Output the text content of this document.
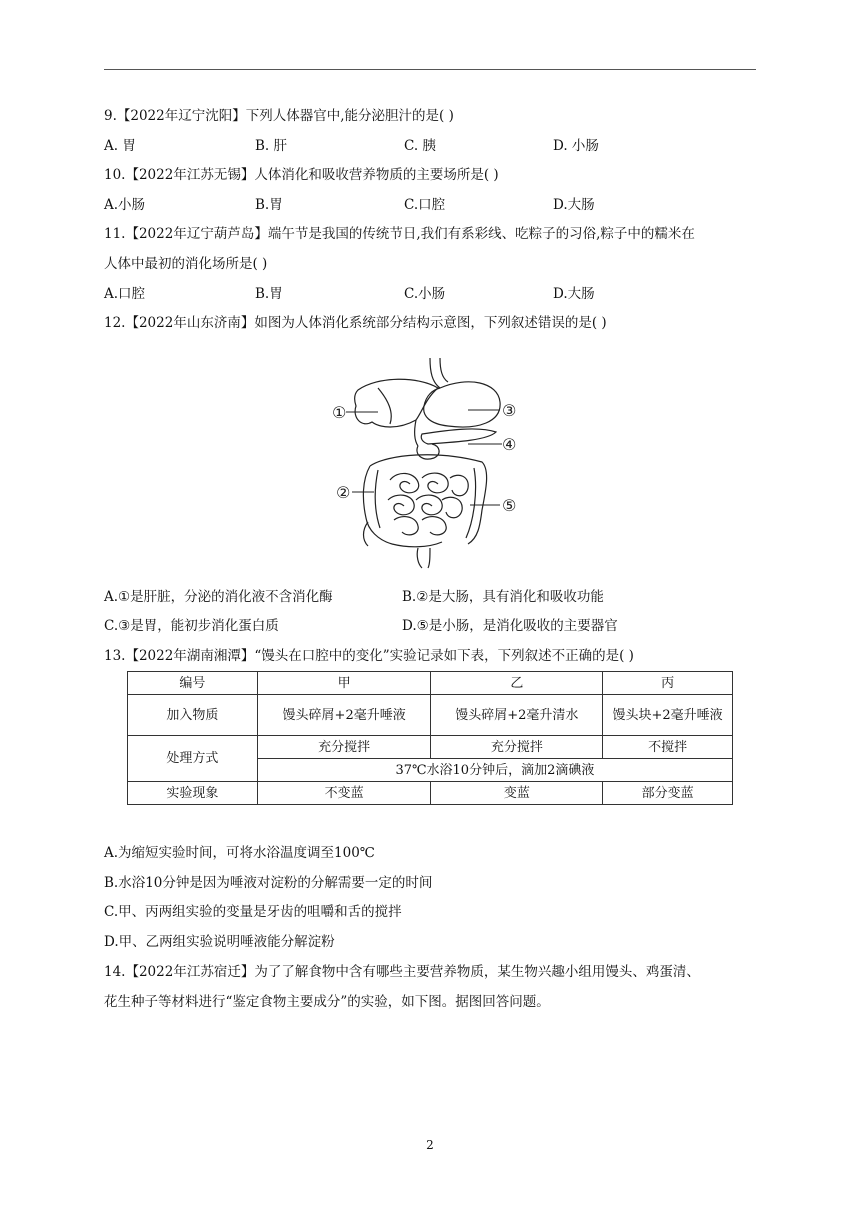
9.【2022年辽宁沈阳】下列人体器官中,能分泌胆汁的是( )
A. 胃	B. 肝	C. 胰	D. 小肠
10.【2022年江苏无锡】人体消化和吸收营养物质的主要场所是( )
A.小肠	B.胃	C.口腔	D.大肠
11.【2022年辽宁葫芦岛】端午节是我国的传统节日,我们有系彩线、吃粽子的习俗,粽子中的糯米在
人体中最初的消化场所是( )
A.口腔	B.胃	C.小肠	D.大肠
12.【2022年山东济南】如图为人体消化系统部分结构示意图，下列叙述错误的是( )
①
②
③
④
⑤
A.①是肝脏，分泌的消化液不含消化酶	B.②是大肠，具有消化和吸收功能
C.③是胃，能初步消化蛋白质	D.⑤是小肠，是消化吸收的主要器官
13.【2022年湖南湘潭】“馒头在口腔中的变化”实验记录如下表，下列叙述不正确的是( )
编号	甲	乙	丙
加入物质	馒头碎屑+2毫升唾液	馒头碎屑+2毫升清水	馒头块+2毫升唾液
处理方式	充分搅拌	充分搅拌	不搅拌
	37℃水浴10分钟后，滴加2滴碘液		
实验现象	不变蓝	变蓝	部分变蓝
A.为缩短实验时间，可将水浴温度调至100℃
B.水浴10分钟是因为唾液对淀粉的分解需要一定的时间
C.甲、丙两组实验的变量是牙齿的咀嚼和舌的搅拌
D.甲、乙两组实验说明唾液能分解淀粉
14.【2022年江苏宿迁】为了了解食物中含有哪些主要营养物质，某生物兴趣小组用馒头、鸡蛋清、
花生种子等材料进行“鉴定食物主要成分”的实验，如下图。据图回答问题。
2
